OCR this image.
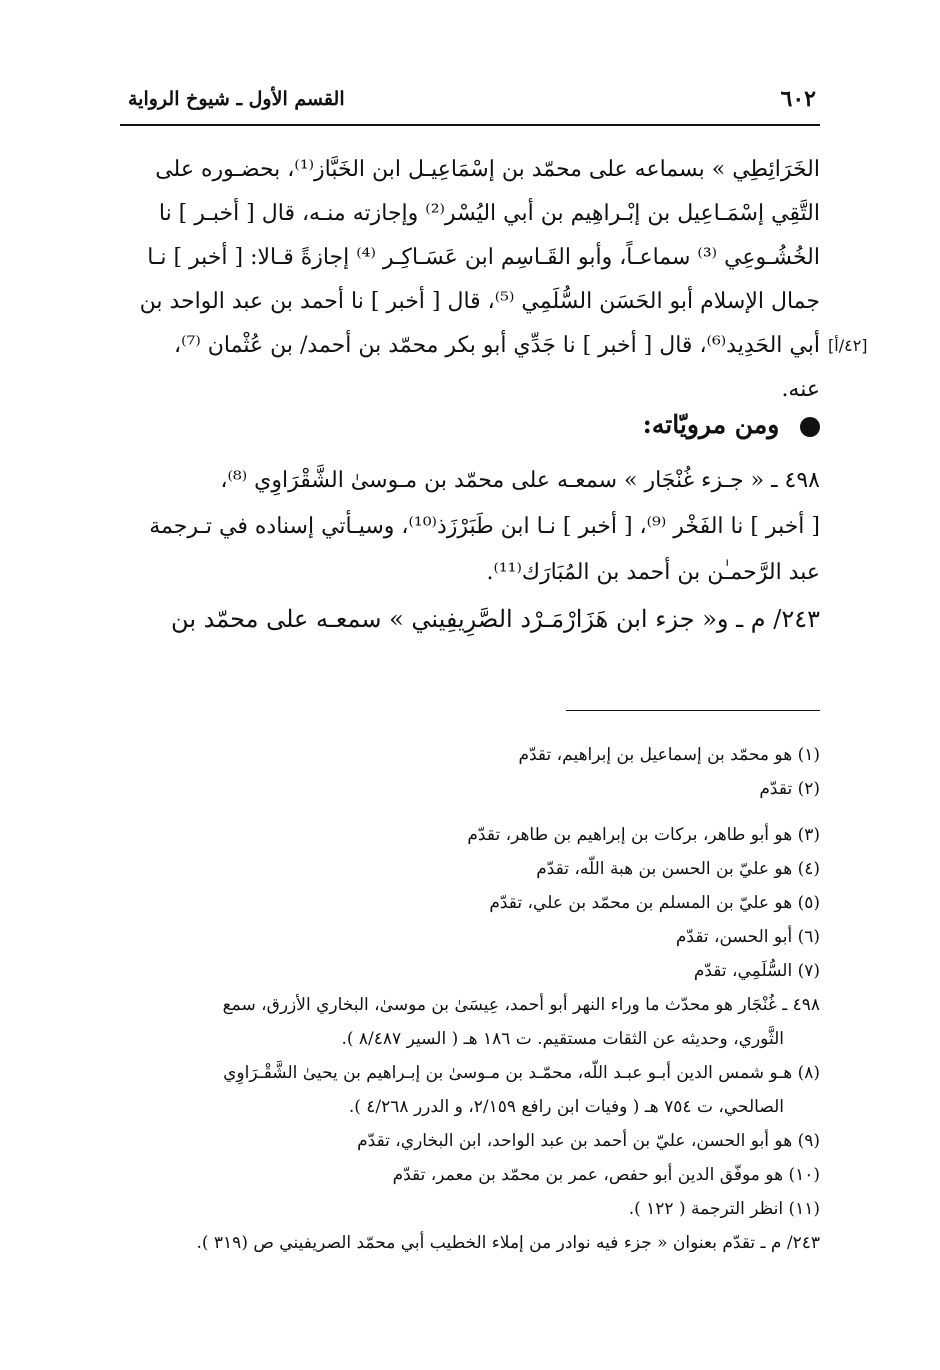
٦٠٢
القسم الأول ـ شيوخ الرواية

الخَرَائِطِي » بسماعه على محمّد بن إسْمَاعِيـل ابن الخَبَّاز⁽¹⁾، بحضـوره على

التَّقِي إسْمَـاعِيل بن إبْـراهِيم بن أبي اليُسْر⁽²⁾ وإجازته منـه، قال [ أخبـر ] نا

الخُشُـوعِي ⁽³⁾ سماعـاً، وأبو القَـاسِم ابن عَسَـاكِـر ⁽⁴⁾ إجازةً قـالا: [ أخبر ] نـا

جمال الإسلام أبو الحَسَن السُّلَمِي ⁽⁵⁾، قال [ أخبر ] نا أحمد بن عبد الواحد بن

أبي الحَدِيد⁽⁶⁾، قال [ أخبر ] نا جَدِّي أبو بكر محمّد بن أحمد/ بن عُثْمان ⁽⁷⁾،

عنه.

[٤٢/أ]
ومن مرويّاته:

٤٩٨ ـ « جـزء غُنْجَار » سمعـه على محمّد بن مـوسىٰ الشَّقْرَاوِي ⁽⁸⁾،

[ أخبر ] نا الفَخْر ⁽⁹⁾، [ أخبر ] نـا ابن طَبَرْزَذ⁽¹⁰⁾، وسيـأتي إسناده في تـرجمة

عبد الرَّحمـٰن بن أحمد بن المُبَارَك⁽¹¹⁾.

٢٤٣/ م ـ و« جزء ابن هَزَارْمَـرْد الصَّرِيفِيني » سمعـه على محمّد بن

(١) هو محمّد بن إسماعيل بن إبراهيم، تقدّم

(٢) تقدّم

(٣) هو أبو طاهر، بركات بن إبراهيم بن طاهر، تقدّم

(٤) هو عليّ بن الحسن بن هبة اللّه، تقدّم

(٥) هو عليّ بن المسلم بن محمّد بن علي، تقدّم

(٦) أبو الحسن، تقدّم

(٧) السُّلَمِي، تقدّم

٤٩٨ ـ غُنْجَار هو محدّث ما وراء النهر أبو أحمد، عِيسَىٰ بن موسىٰ، البخاري الأزرق، سمع

الثَّوري، وحديثه عن الثقات مستقيم. ت ١٨٦ هـ ( السير ٨/٤٨٧ ).

(٨) هـو شمس الدين أبـو عبـد اللّه، محمّـد بن مـوسىٰ بن إبـراهيم بن يحيىٰ الشَّقْـرَاوِي

الصالحي، ت ٧٥٤ هـ ( وفيات ابن رافع ٢/١٥٩، و الدرر ٤/٢٦٨ ).

(٩) هو أبو الحسن، عليّ بن أحمد بن عبد الواحد، ابن البخاري، تقدّم

(١٠) هو موفّق الدين أبو حفص، عمر بن محمّد بن معمر، تقدّم

(١١) انظر الترجمة ( ١٢٢ ).

٢٤٣/ م ـ تقدّم بعنوان « جزء فيه نوادر من إملاء الخطيب أبي محمّد الصريفيني ص (٣١٩ ).
